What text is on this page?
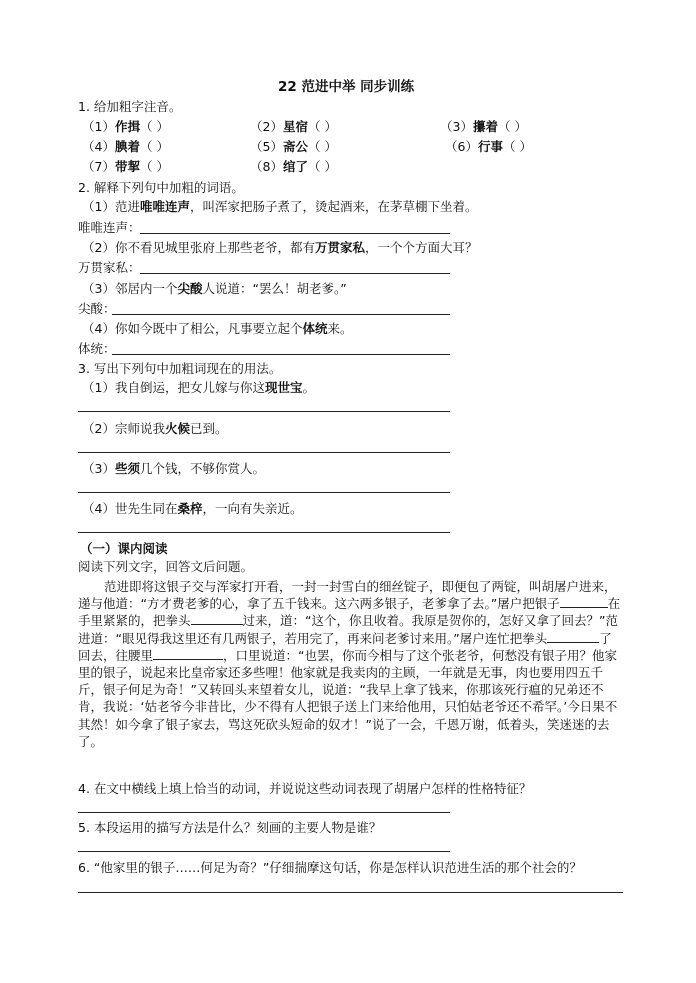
22 范进中举 同步训练
1. 给加粗字注音。
（1）作揖（ ）	（2）星宿（ ）	（3）攥着（ ）
（4）腆着（ ）	（5）斋公（ ）	（6）行事（ ）
（7）带挈（ ）	（8）绾了（ ）
2. 解释下列句中加粗的词语。
（1）范进唯唯连声，叫浑家把肠子煮了，烫起酒来，在茅草棚下坐着。
唯唯连声：
（2）你不看见城里张府上那些老爷，都有万贯家私，一个个方面大耳？
万贯家私：
（3）邻居内一个尖酸人说道：“罢么！胡老爹。”
尖酸：
（4）你如今既中了相公，凡事要立起个体统来。
体统：
3. 写出下列句中加粗词现在的用法。
（1）我自倒运，把女儿嫁与你这现世宝。
（2）宗师说我火候已到。
（3）些须几个钱，不够你赏人。
（4）世先生同在桑梓，一向有失亲近。
（一）课内阅读
阅读下列文字，回答文后问题。
范进即将这银子交与浑家打开看，一封一封雪白的细丝锭子，即便包了两锭，叫胡屠户进来，递与他道：“方才费老爹的心，拿了五千钱来。这六两多银子，老爹拿了去。”屠户把银子	在手里紧紧的，把拳头	过来，道：“这个，你且收着。我原是贺你的，怎好又拿了回去？”范进道：“眼见得我这里还有几两银子，若用完了，再来问老爹讨来用。”屠户连忙把拳头	了回去，往腰里	，口里说道：“也罢，你而今相与了这个张老爷，何愁没有银子用？他家里的银子，说起来比皇帝家还多些哩！他家就是我卖肉的主顾，一年就是无事，肉也要用四五千斤，银子何足为奇！”又转回头来望着女儿，说道：“我早上拿了钱来，你那该死行瘟的兄弟还不肯，我说：‘姑老爷今非昔比，少不得有人把银子送上门来给他用，只怕姑老爷还不希罕。’今日果不其然！如今拿了银子家去，骂这死砍头短命的奴才！”说了一会，千恩万谢，低着头，笑迷迷的去了。
4. 在文中横线上填上恰当的动词，并说说这些动词表现了胡屠户怎样的性格特征？
5. 本段运用的描写方法是什么？刻画的主要人物是谁？
6. “他家里的银子……何足为奇？”仔细揣摩这句话，你是怎样认识范进生活的那个社会的？
